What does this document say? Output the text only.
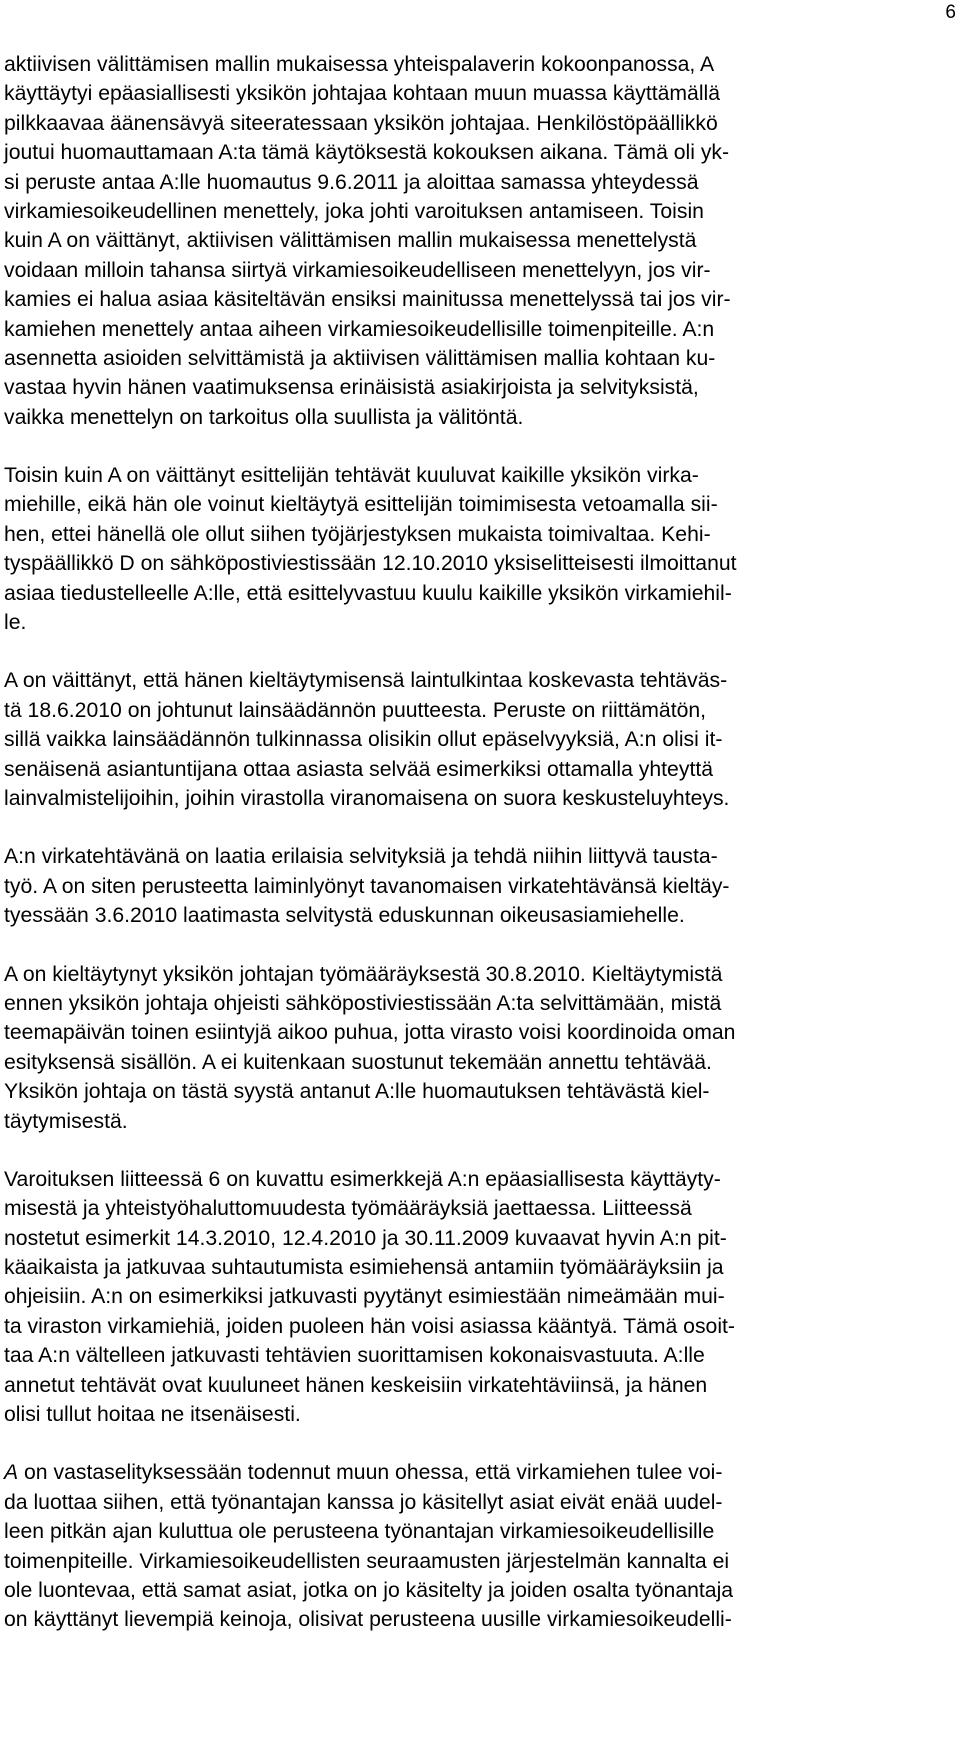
6
aktiivisen välittämisen mallin mukaisessa yhteispalaverin kokoonpanossa, A
käyttäytyi epäasiallisesti yksikön johtajaa kohtaan muun muassa käyttämällä
pilkkaavaa äänensävyä siteeratessaan yksikön johtajaa. Henkilöstöpäällikkö
joutui huomauttamaan A:ta tämä käytöksestä kokouksen aikana. Tämä oli yk-
si peruste antaa A:lle huomautus 9.6.2011 ja aloittaa samassa yhteydessä
virkamiesoikeudellinen menettely, joka johti varoituksen antamiseen. Toisin
kuin A on väittänyt, aktiivisen välittämisen mallin mukaisessa menettelystä
voidaan milloin tahansa siirtyä virkamiesoikeudelliseen menettelyyn, jos vir-
kamies ei halua asiaa käsiteltävän ensiksi mainitussa menettelyssä tai jos vir-
kamiehen menettely antaa aiheen virkamiesoikeudellisille toimenpiteille. A:n
asennetta asioiden selvittämistä ja aktiivisen välittämisen mallia kohtaan ku-
vastaa hyvin hänen vaatimuksensa erinäisistä asiakirjoista ja selvityksistä,
vaikka menettelyn on tarkoitus olla suullista ja välitöntä.
Toisin kuin A on väittänyt esittelijän tehtävät kuuluvat kaikille yksikön virka-
miehille, eikä hän ole voinut kieltäytyä esittelijän toimimisesta vetoamalla sii-
hen, ettei hänellä ole ollut siihen työjärjestyksen mukaista toimivaltaa. Kehi-
tyspäällikkö D on sähköpostiviestissään 12.10.2010 yksiselitteisesti ilmoittanut
asiaa tiedustelleelle A:lle, että esittelyvastuu kuulu kaikille yksikön virkamiehil-
le.
A on väittänyt, että hänen kieltäytymisensä laintulkintaa koskevasta tehtäväs-
tä 18.6.2010 on johtunut lainsäädännön puutteesta. Peruste on riittämätön,
sillä vaikka lainsäädännön tulkinnassa olisikin ollut epäselvyyksiä, A:n olisi it-
senäisenä asiantuntijana ottaa asiasta selvää esimerkiksi ottamalla yhteyttä
lainvalmistelijoihin, joihin virastolla viranomaisena on suora keskusteluyhteys.
A:n virkatehtävänä on laatia erilaisia selvityksiä ja tehdä niihin liittyvä tausta-
työ. A on siten perusteetta laiminlyönyt tavanomaisen virkatehtävänsä kieltäy-
tyessään 3.6.2010 laatimasta selvitystä eduskunnan oikeusasiamiehelle.
A on kieltäytynyt yksikön johtajan työmääräyksestä 30.8.2010. Kieltäytymistä
ennen yksikön johtaja ohjeisti sähköpostiviestissään A:ta selvittämään, mistä
teemapäivän toinen esiintyjä aikoo puhua, jotta virasto voisi koordinoida oman
esityksensä sisällön. A ei kuitenkaan suostunut tekemään annettu tehtävää.
Yksikön johtaja on tästä syystä antanut A:lle huomautuksen tehtävästä kiel-
täytymisestä.
Varoituksen liitteessä 6 on kuvattu esimerkkejä A:n epäasiallisesta käyttäyty-
misestä ja yhteistyöhaluttomuudesta työmääräyksiä jaettaessa. Liitteessä
nostetut esimerkit 14.3.2010, 12.4.2010 ja 30.11.2009 kuvaavat hyvin A:n pit-
käaikaista ja jatkuvaa suhtautumista esimiehensä antamiin työmääräyksiin ja
ohjeisiin. A:n on esimerkiksi jatkuvasti pyytänyt esimiestään nimeämään mui-
ta viraston virkamiehiä, joiden puoleen hän voisi asiassa kääntyä. Tämä osoit-
taa A:n vältelleen jatkuvasti tehtävien suorittamisen kokonaisvastuuta. A:lle
annetut tehtävät ovat kuuluneet hänen keskeisiin virkatehtäviinsä, ja hänen
olisi tullut hoitaa ne itsenäisesti.
A on vastaselityksessään todennut muun ohessa, että virkamiehen tulee voi-
da luottaa siihen, että työnantajan kanssa jo käsitellyt asiat eivät enää uudel-
leen pitkän ajan kuluttua ole perusteena työnantajan virkamiesoikeudellisille
toimenpiteille. Virkamiesoikeudellisten seuraamusten järjestelmän kannalta ei
ole luontevaa, että samat asiat, jotka on jo käsitelty ja joiden osalta työnantaja
on käyttänyt lievempiä keinoja, olisivat perusteena uusille virkamiesoikeudelli-
